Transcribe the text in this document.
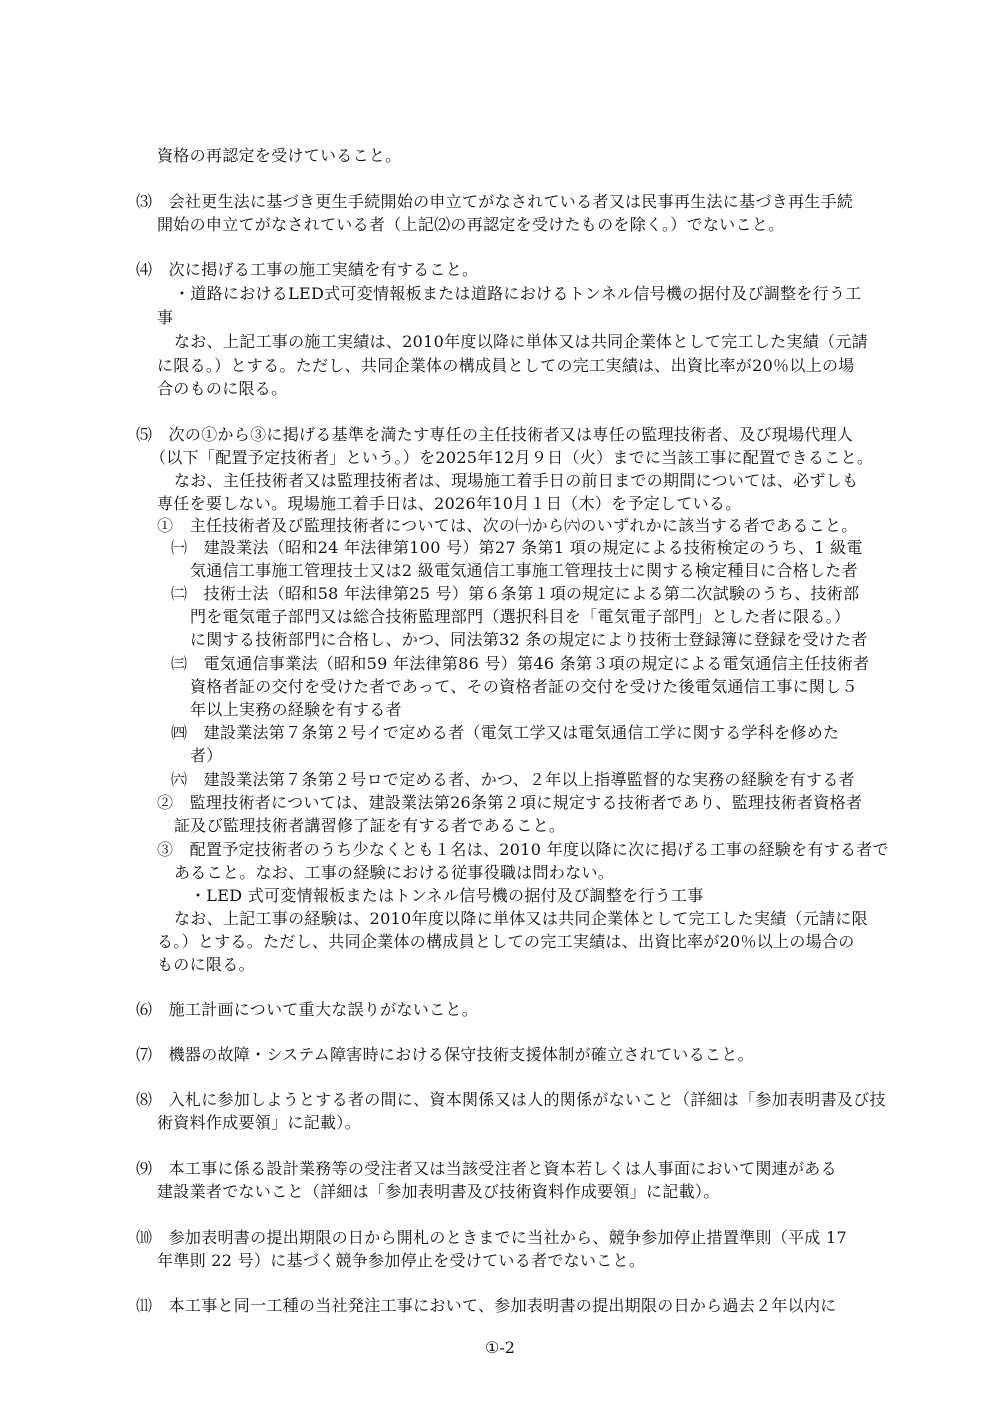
資格の再認定を受けていること。
⑶　会社更生法に基づき更生手続開始の申立てがなされている者又は民事再生法に基づき再生手続
開始の申立てがなされている者（上記⑵の再認定を受けたものを除く。）でないこと。
⑷　次に掲げる工事の施工実績を有すること。
・道路におけるLED式可変情報板または道路におけるトンネル信号機の据付及び調整を行う工
事
なお、上記工事の施工実績は、2010年度以降に単体又は共同企業体として完工した実績（元請
に限る。）とする。ただし、共同企業体の構成員としての完工実績は、出資比率が20％以上の場
合のものに限る。
⑸　次の①から③に掲げる基準を満たす専任の主任技術者又は専任の監理技術者、及び現場代理人
（以下「配置予定技術者」という。）を2025年12月９日（火）までに当該工事に配置できること。
なお、主任技術者又は監理技術者は、現場施工着手日の前日までの期間については、必ずしも
専任を要しない。現場施工着手日は、2026年10月１日（木）を予定している。
①　主任技術者及び監理技術者については、次の㈠から㈥のいずれかに該当する者であること。
㈠　建設業法（昭和24 年法律第100 号）第27 条第1 項の規定による技術検定のうち、1 級電
気通信工事施工管理技士又は2 級電気通信工事施工管理技士に関する検定種目に合格した者
㈡　技術士法（昭和58 年法律第25 号）第６条第１項の規定による第二次試験のうち、技術部
門を電気電子部門又は総合技術監理部門（選択科目を「電気電子部門」とした者に限る。）
に関する技術部門に合格し、かつ、同法第32 条の規定により技術士登録簿に登録を受けた者
㈢　電気通信事業法（昭和59 年法律第86 号）第46 条第３項の規定による電気通信主任技術者
資格者証の交付を受けた者であって、その資格者証の交付を受けた後電気通信工事に関し５
年以上実務の経験を有する者
㈣　建設業法第７条第２号イで定める者（電気工学又は電気通信工学に関する学科を修めた
者）
㈥　建設業法第７条第２号ロで定める者、かつ、２年以上指導監督的な実務の経験を有する者
②　監理技術者については、建設業法第26条第２項に規定する技術者であり、監理技術者資格者
証及び監理技術者講習修了証を有する者であること。
③　配置予定技術者のうち少なくとも１名は、2010 年度以降に次に掲げる工事の経験を有する者で
あること。なお、工事の経験における従事役職は問わない。
・LED 式可変情報板またはトンネル信号機の据付及び調整を行う工事
なお、上記工事の経験は、2010年度以降に単体又は共同企業体として完工した実績（元請に限
る。）とする。ただし、共同企業体の構成員としての完工実績は、出資比率が20％以上の場合の
ものに限る。
⑹　施工計画について重大な誤りがないこと。
⑺　機器の故障・システム障害時における保守技術支援体制が確立されていること。
⑻　入札に参加しようとする者の間に、資本関係又は人的関係がないこと（詳細は「参加表明書及び技
術資料作成要領」に記載）。
⑼　本工事に係る設計業務等の受注者又は当該受注者と資本若しくは人事面において関連がある
建設業者でないこと（詳細は「参加表明書及び技術資料作成要領」に記載）。
⑽　参加表明書の提出期限の日から開札のときまでに当社から、競争参加停止措置準則（平成 17
年準則 22 号）に基づく競争参加停止を受けている者でないこと。
⑾　本工事と同一工種の当社発注工事において、参加表明書の提出期限の日から過去２年以内に
①-2
